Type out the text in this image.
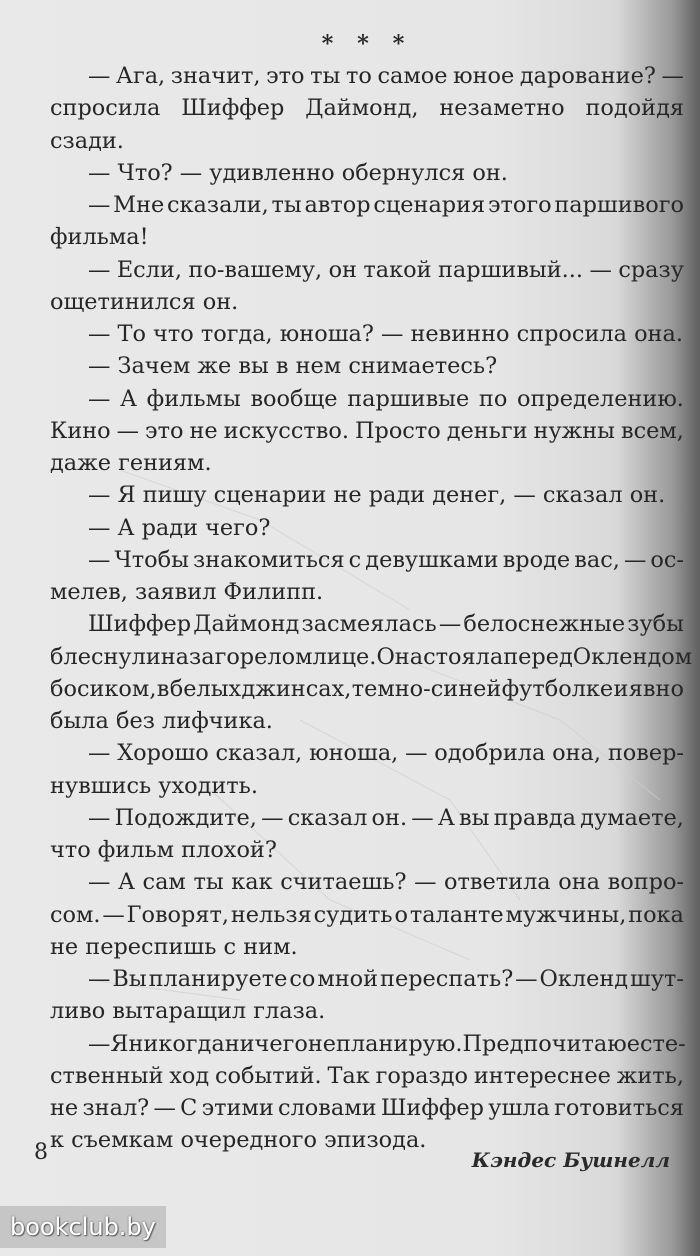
* * *
— Ага, значит, это ты то самое юное дарование? —
спросила Шиффер Даймонд, незаметно подойдя
сзади.
— Что? — удивленно обернулся он.
— Мне сказали, ты автор сценария этого паршивого
фильма!
— Если, по-вашему, он такой паршивый... — сразу
ощетинился он.
— То что тогда, юноша? — невинно спросила она.
— Зачем же вы в нем снимаетесь?
— А фильмы вообще паршивые по определению.
Кино — это не искусство. Просто деньги нужны всем,
даже гениям.
— Я пишу сценарии не ради денег, — сказал он.
— А ради чего?
— Чтобы знакомиться с девушками вроде вас, — ос-
мелев, заявил Филипп.
Шиффер Даймонд засмеялась — белоснежные зубы
блеснули на загорелом лице. Она стояла перед Оклендом
босиком, в белых джинсах, темно-синей футболке и явно
была без лифчика.
— Хорошо сказал, юноша, — одобрила она, повер-
нувшись уходить.
— Подождите, — сказал он. — А вы правда думаете,
что фильм плохой?
— А сам ты как считаешь? — ответила она вопро-
сом. — Говорят, нельзя судить о таланте мужчины, пока
не переспишь с ним.
— Вы планируете со мной переспать? — Окленд шут-
ливо вытаращил глаза.
— Я никогда ничего не планирую. Предпочитаю есте-
ственный ход событий. Так гораздо интереснее жить,
не знал? — С этими словами Шиффер ушла готовиться
к съемкам очередного эпизода.
8	Кэндес Бушнелл
bookclub.by
